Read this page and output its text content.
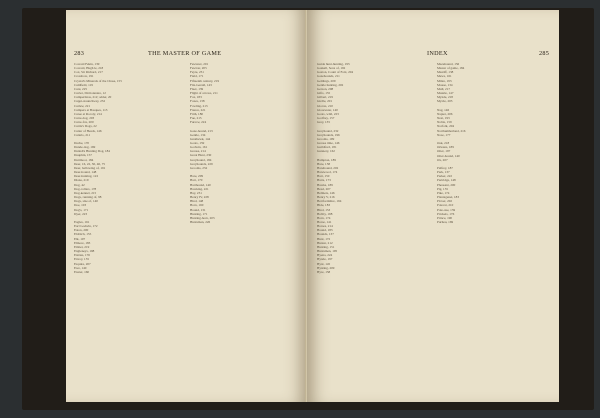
283	THE MASTER OF GAME
Coward Fekin, 139
Coward, Hugh le, 218
Cox, Sir Richard, 217
Crossbow, 191
Crystal's Minerals of the Chase, 155
Culdfield, 119
Curé, 225
Cuvier, Dictionnaire, 12
Cumpertinas, 212; adder, 20
Cuppi-staunchway, 232
Curlew, 221
Cumpers et Basques, 113
Curee et Rocoly, 214
Curre-dog, 203
Curre-fox, 200
Curtis's Dogs, 22
Cutter of Heads, 146
Cuttelo, 211
Dache, 170
Dande-dog, 169
Danish's Hunting Dog, 184
Dauphin, 157
Dartmoor, 184
Deer, 16, 22, 30, 46, 75
Deer, bellowing of, 191
Deer-hound, 148
Deer-hunting, 122
Diana, 219
Dog, 42
Dog-collars, 178
Dog-kennel, 215
Dogs, running of, 98
Dogs, size of, 140
Doe, 103
Dog's, 171
Dyer, 223
Eagles, 161
Earl Godwin, 172
Eaton, 200
Eldritch, 155
Elk, 107
Elmore, 183
Ember, 219
Engleneys, 198
Entries, 176
Envoy, 155
Esquire, 207
Ewe, 140
Exeter, 160
Fewterer, 201
Fewtrer, 205
Feyte, 231
Field, 171
Fifteenth century, 219
Fitz-Gerald, 143
Fleet, 139
Flight of arrows, 211
Fox, 183
Foxes, 138
Fowling, 213
France, 221
Frith, 180
Fue, 215
Furrow, 224
Gaze-hound, 213
Gentle, 134
Gnathewk, 144
Goats, 159
Godwin, 161
Grease, 214
Great Hunt, 230
Greyhound, 184
Greyhounds, 229
Grooms, 232
Hare, 209
Hart, 170
Harthound, 140
Hawking, 221
Hay, 231
Henry IV, 228
Hind, 148
Horn, 160
Hound, 131
Hunting, 171
Hunting-horn, 203
Huntsman, 226
INDEX	285
Guide hunt-hunting, 193
Gaskell, Sons of, 192
Gaston, Count of Foix, 204
Gazehounds, 211
Geldings, 209
Gentle hunting, 202
Gerson, 208
Gifts, 155
Gilbert, 219
Girdle, 201
Gloves, 210
Gloucester, 140
Goats, wild, 223
Godfrey, 157
Grey, 135
Greyhound, 232
Greyhounds, 196
Grooms, 199
Grease time, 146
Guildford, 181
Gunnery, 162
Hampton, 189
Hare, 158
Harehound, 202
Harewood, 174
Hart, 150
Harts, 173
Hawks, 189
Head, 207
Helmets, 146
Henry V, 216
Hertfordshire, 194
Hide, 183
Hind, 153
Hobby, 198
Horn, 174
Horse, 141
Horses, 214
Hound, 183
Hounds, 137
Hunt, 172
Hunter, 212
Hunting, 151
Huntsmen, 195
Hyena, 224
Hynde, 197
Hynt, 145
Hynting, 209
Hyre, 158
Mazehound, 156
Master of game, 184
Mastiff, 138
Mews, 161
Milan, 193
Mouse, 134
Mull, 217
Muzzle, 147
Mynde, 218
Myrde, 203
Nag, 146
Napier, 206
Nest, 193
Noble, 159
Norfolk, 204
Northumberland, 216
Nose, 177
Oak, 218
Orleans, 189
Otter, 197
Otter-hound, 140
Ox, 207
Palfrey, 187
Park, 137
Parker, 222
Partridge, 148
Pheasant, 200
Pig, 155
Pike, 174
Plantagenet, 183
Plover, 202
Polecat, 210
Pole-axe, 159
Prickets, 176
Prince, 190
Purlieu, 169
